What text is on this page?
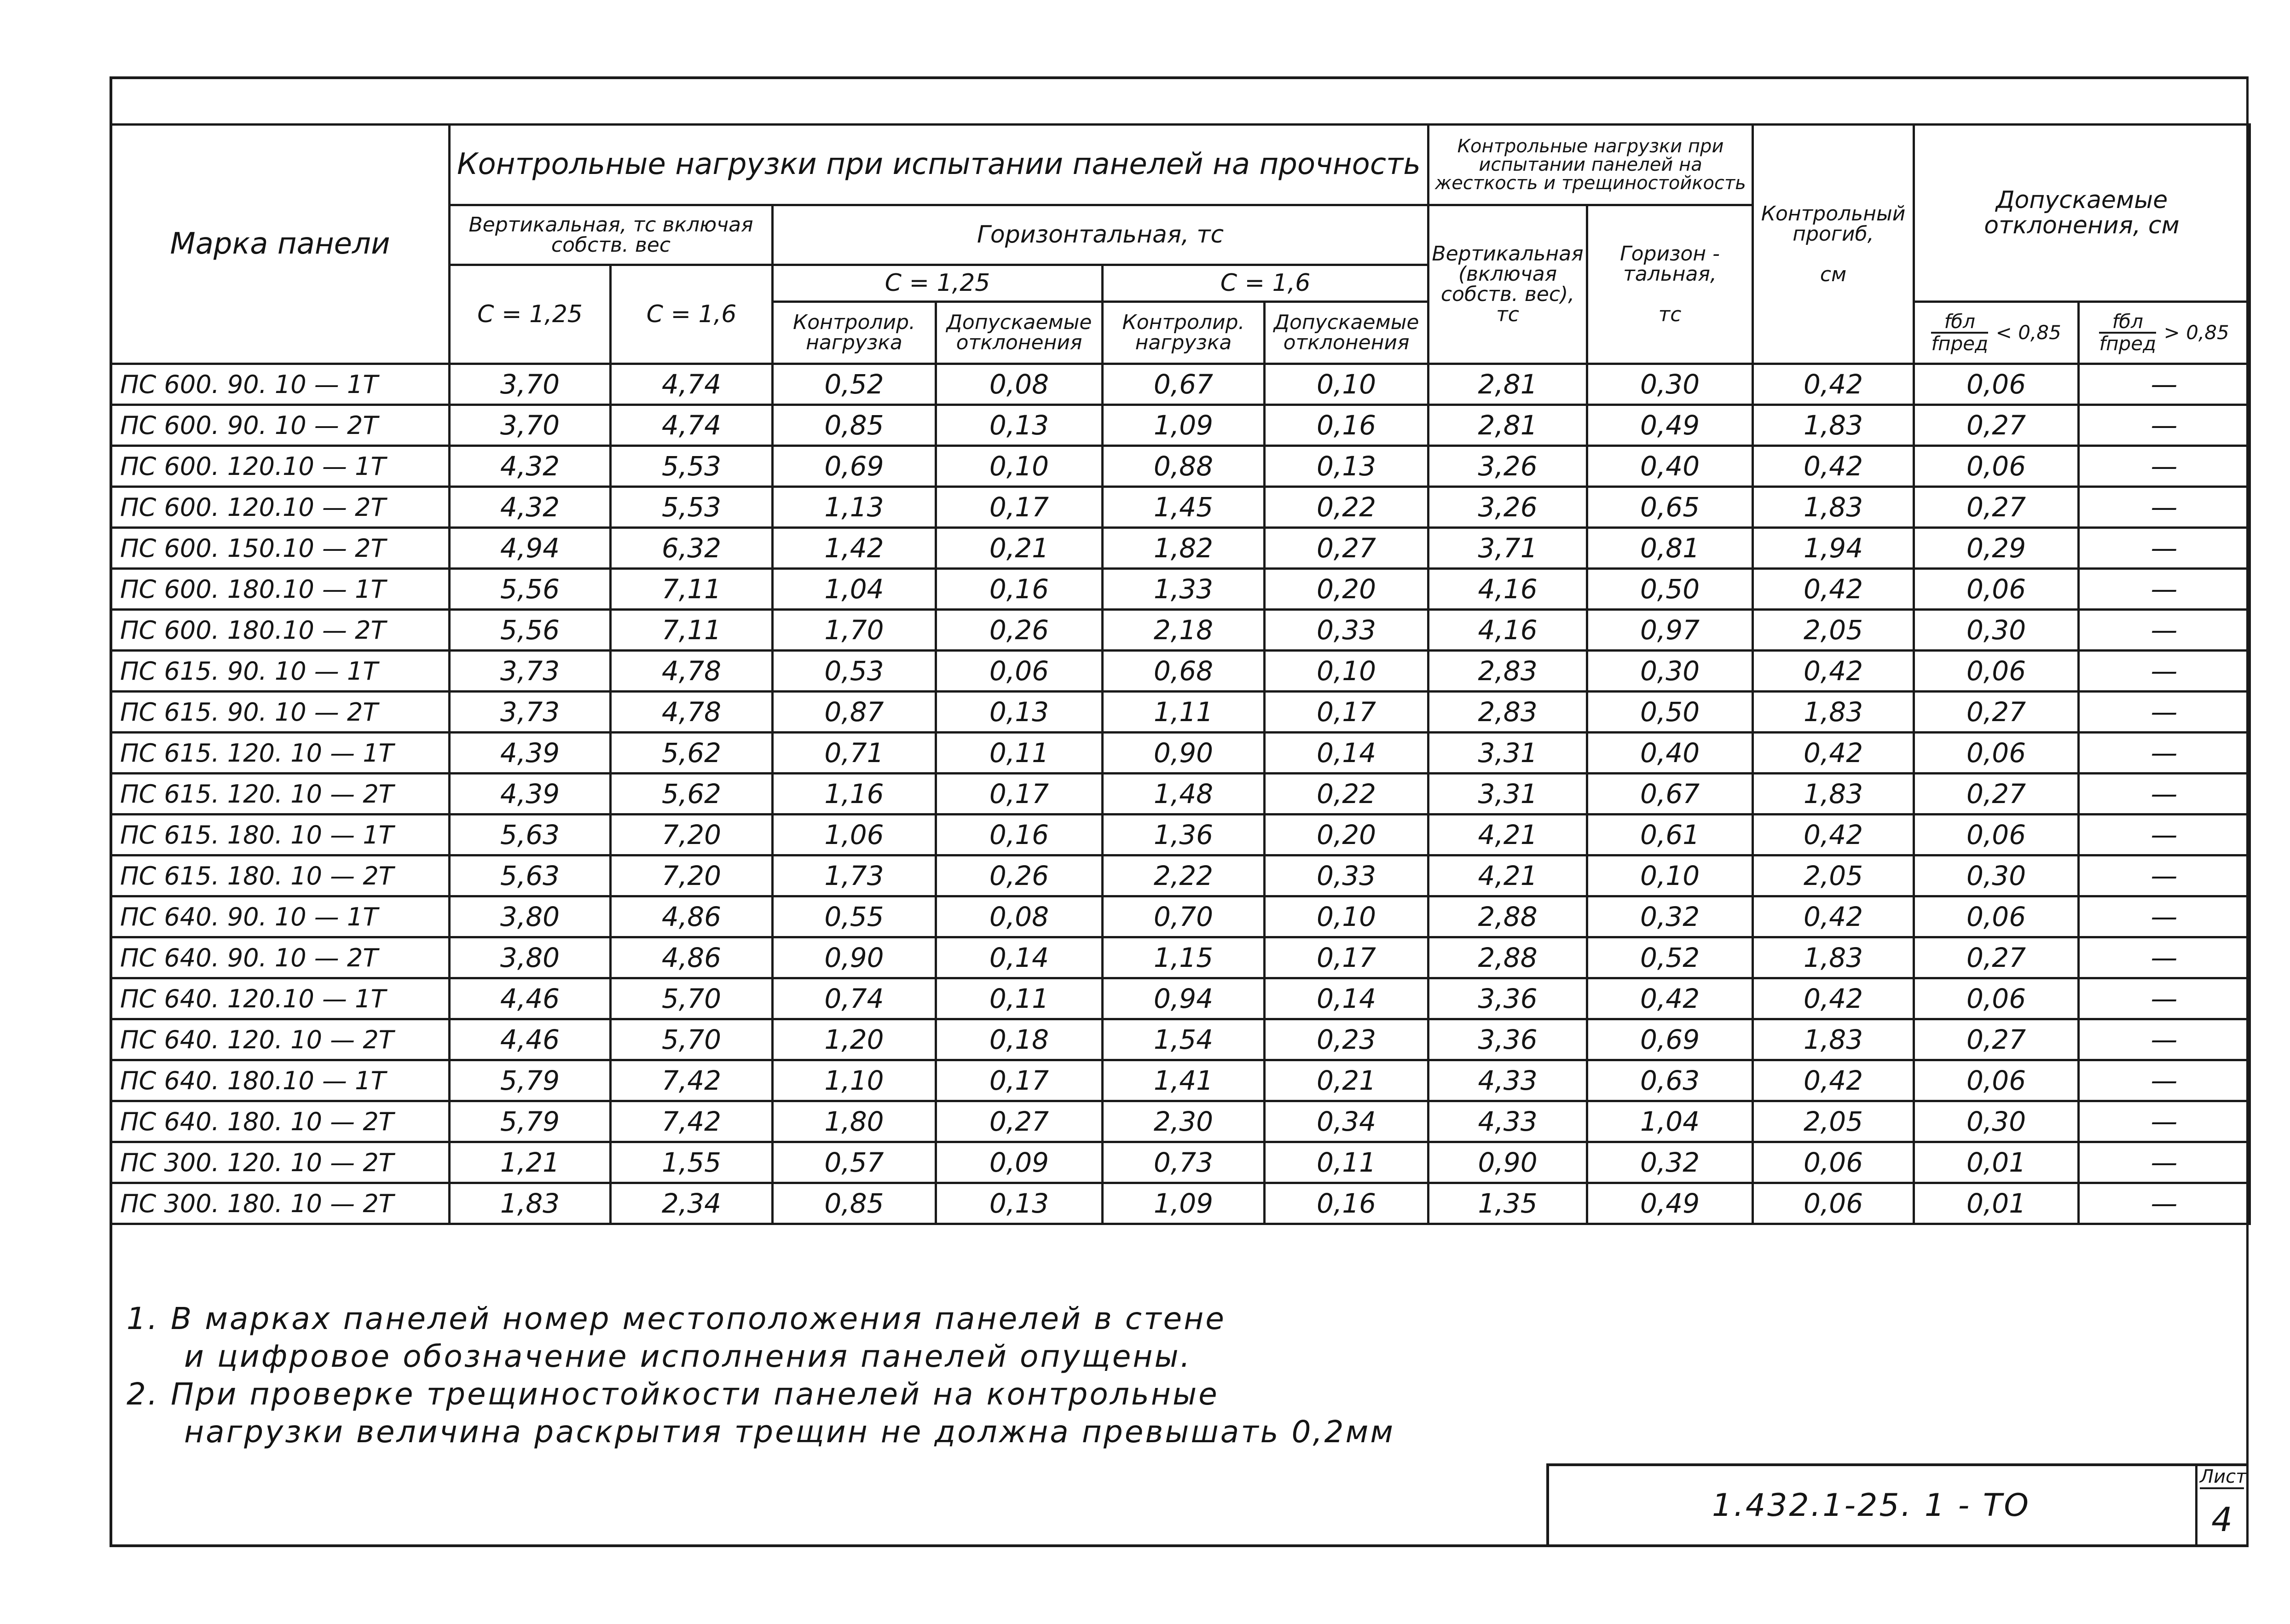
Марка панели	Контрольные нагрузки при испытании панелей на прочность						Контрольные нагрузки при испытании панелей на жесткость и трещиностойкость		Контрольный прогиб,

см	Допускаемые отклонения, см	
	Вертикальная, тс включая собств. вес		Горизонтальная, тс				Вертикальная (включая собств. вес), тс	Горизон - тальная,

тс			
	С = 1,25	С = 1,6	С = 1,25		С = 1,6						
			Контролир. нагрузка	Допускаемые отклонения	Контролир. нагрузка	Допускаемые отклонения				$\frac{\text{fбл}}{\text{fпред}} < 0,85$	$\frac{\text{fбл}}{\text{fпред}} > 0,85$
ПС 600. 90. 10 — 1Т	3,70	4,74	0,52	0,08	0,67	0,10	2,81	0,30	0,42	0,06	—
ПС 600. 90. 10 — 2Т	3,70	4,74	0,85	0,13	1,09	0,16	2,81	0,49	1,83	0,27	—
ПС 600. 120.10 — 1Т	4,32	5,53	0,69	0,10	0,88	0,13	3,26	0,40	0,42	0,06	—
ПС 600. 120.10 — 2Т	4,32	5,53	1,13	0,17	1,45	0,22	3,26	0,65	1,83	0,27	—
ПС 600. 150.10 — 2Т	4,94	6,32	1,42	0,21	1,82	0,27	3,71	0,81	1,94	0,29	—
ПС 600. 180.10 — 1Т	5,56	7,11	1,04	0,16	1,33	0,20	4,16	0,50	0,42	0,06	—
ПС 600. 180.10 — 2Т	5,56	7,11	1,70	0,26	2,18	0,33	4,16	0,97	2,05	0,30	—
ПС 615. 90. 10 — 1Т	3,73	4,78	0,53	0,06	0,68	0,10	2,83	0,30	0,42	0,06	—
ПС 615. 90. 10 — 2Т	3,73	4,78	0,87	0,13	1,11	0,17	2,83	0,50	1,83	0,27	—
ПС 615. 120. 10 — 1Т	4,39	5,62	0,71	0,11	0,90	0,14	3,31	0,40	0,42	0,06	—
ПС 615. 120. 10 — 2Т	4,39	5,62	1,16	0,17	1,48	0,22	3,31	0,67	1,83	0,27	—
ПС 615. 180. 10 — 1Т	5,63	7,20	1,06	0,16	1,36	0,20	4,21	0,61	0,42	0,06	—
ПС 615. 180. 10 — 2Т	5,63	7,20	1,73	0,26	2,22	0,33	4,21	0,10	2,05	0,30	—
ПС 640. 90. 10 — 1Т	3,80	4,86	0,55	0,08	0,70	0,10	2,88	0,32	0,42	0,06	—
ПС 640. 90. 10 — 2Т	3,80	4,86	0,90	0,14	1,15	0,17	2,88	0,52	1,83	0,27	—
ПС 640. 120.10 — 1Т	4,46	5,70	0,74	0,11	0,94	0,14	3,36	0,42	0,42	0,06	—
ПС 640. 120. 10 — 2Т	4,46	5,70	1,20	0,18	1,54	0,23	3,36	0,69	1,83	0,27	—
ПС 640. 180.10 — 1Т	5,79	7,42	1,10	0,17	1,41	0,21	4,33	0,63	0,42	0,06	—
ПС 640. 180. 10 — 2Т	5,79	7,42	1,80	0,27	2,30	0,34	4,33	1,04	2,05	0,30	—
ПС 300. 120. 10 — 2Т	1,21	1,55	0,57	0,09	0,73	0,11	0,90	0,32	0,06	0,01	—
ПС 300. 180. 10 — 2Т	1,83	2,34	0,85	0,13	1,09	0,16	1,35	0,49	0,06	0,01	—
1. В марках панелей номер местоположения панелей в стене
и цифровое обозначение исполнения панелей опущены.
2. При проверке трещиностойкости панелей на контрольные
нагрузки величина раскрытия трещин не должна превышать 0,2мм
1.432.1-25. 1 - ТО
Лист
4
